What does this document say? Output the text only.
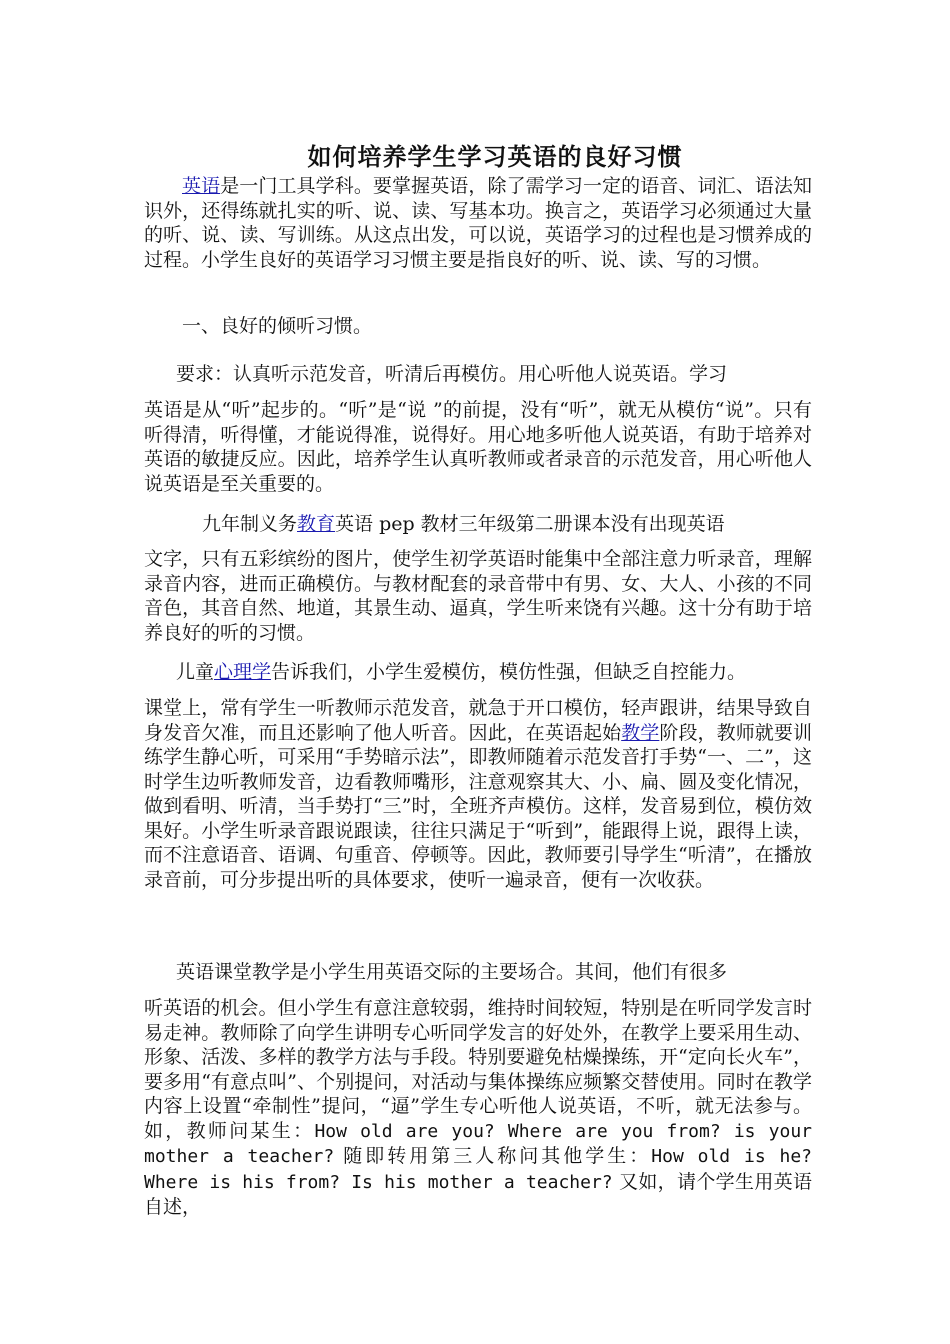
如何培养学生学习英语的良好习惯
英语是一门工具学科。要掌握英语，除了需学习一定的语音、词汇、语法知识外，还得练就扎实的听、说、读、写基本功。换言之，英语学习必须通过大量的听、说、读、写训练。从这点出发，可以说，英语学习的过程也是习惯养成的过程。小学生良好的英语学习习惯主要是指良好的听、说、读、写的习惯。
一、良好的倾听习惯。
要求：认真听示范发音，听清后再模仿。用心听他人说英语。学习
英语是从“听”起步的。“听”是“说 ”的前提，没有“听”，就无从模仿“说”。只有听得清，听得懂，才能说得准，说得好。用心地多听他人说英语，有助于培养对英语的敏捷反应。因此，培养学生认真听教师或者录音的示范发音，用心听他人说英语是至关重要的。
九年制义务教育英语 pep 教材三年级第二册课本没有出现英语
文字，只有五彩缤纷的图片，使学生初学英语时能集中全部注意力听录音，理解录音内容，进而正确模仿。与教材配套的录音带中有男、女、大人、小孩的不同音色，其音自然、地道，其景生动、逼真，学生听来饶有兴趣。这十分有助于培养良好的听的习惯。
儿童心理学告诉我们，小学生爱模仿，模仿性强，但缺乏自控能力。
课堂上，常有学生一听教师示范发音，就急于开口模仿，轻声跟讲，结果导致自身发音欠准，而且还影响了他人听音。因此，在英语起始教学阶段，教师就要训练学生静心听，可采用“手势暗示法”，即教师随着示范发音打手势“一、二”，这时学生边听教师发音，边看教师嘴形，注意观察其大、小、扁、圆及变化情况，做到看明、听清，当手势打“三”时，全班齐声模仿。这样，发音易到位，模仿效果好。小学生听录音跟说跟读，往往只满足于“听到”，能跟得上说，跟得上读，而不注意语音、语调、句重音、停顿等。因此，教师要引导学生“听清”，在播放录音前，可分步提出听的具体要求，使听一遍录音，便有一次收获。
英语课堂教学是小学生用英语交际的主要场合。其间，他们有很多
听英语的机会。但小学生有意注意较弱，维持时间较短，特别是在听同学发言时易走神。教师除了向学生讲明专心听同学发言的好处外，在教学上要采用生动、形象、活泼、多样的教学方法与手段。特别要避免枯燥操练，开“定向长火车”，要多用“有意点叫”、个别提问，对活动与集体操练应频繁交替使用。同时在教学内容上设置“牵制性”提问，“逼”学生专心听他人说英语，不听，就无法参与。如，教师问某生：How old are you? Where are you from? is your mother a teacher? 随即转用第三人称问其他学生：How old is he? Where is his from? Is his mother a teacher? 又如，请个学生用英语自述，
